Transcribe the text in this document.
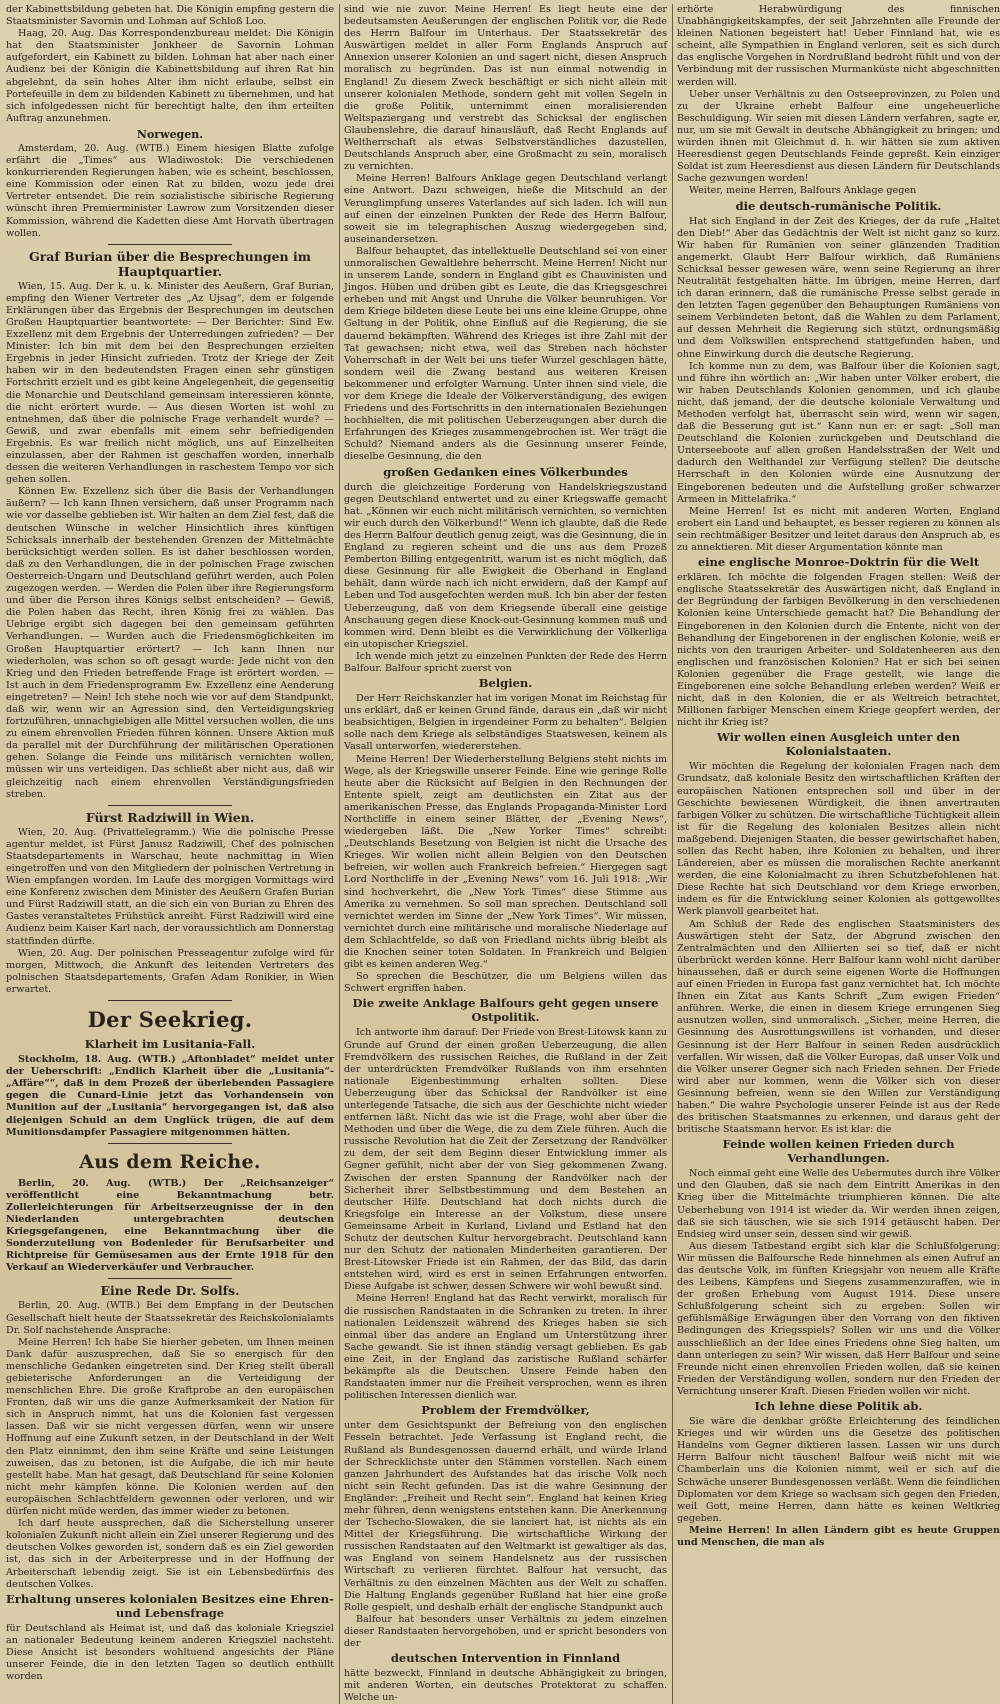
der Kabinettsbildung gebeten hat. Die Königin empfing gestern die Staatsminister Savornin und Lohman auf Schloß Loo.

Haag, 20. Aug. Das Korrespondenzbureau meldet: Die Königin hat den Staatsminister Jonkheer de Savornin Lohman aufgefordert, ein Kabinett zu bilden. Lohman hat aber nach einer Audienz bei der Königin die Kabinettsbildung auf ihren Rat hin abgelehnt, da sein hohes Alter ihm nicht erlaube, selbst ein Portefeuille in dem zu bildenden Kabinett zu übernehmen, und hat sich infolgedessen nicht für berechtigt halte, den ihm erteilten Auftrag anzunehmen.

Norwegen.

Amsterdam, 20. Aug. (WTB.) Einem hiesigen Blatte zufolge erfährt die „Times“ aus Wladiwostok: Die verschiedenen konkurrierenden Regierungen haben, wie es scheint, beschlossen, eine Kommission oder einen Rat zu bilden, wozu jede drei Vertreter entsendet. Die rein sozialistische sibirische Regierung wünscht ihren Premierminister Lawrow zum Vorsitzenden dieser Kommission, während die Kadetten diese Amt Horvath übertragen wollen.

Graf Burian über die Besprechungen im Hauptquartier.

Wien, 15. Aug. Der k. u. k. Minister des Aeußern, Graf Burian, empfing den Wiener Vertreter des „Az Ujsag“, dem er folgende Erklärungen über das Ergebnis der Besprechungen im deutschen Großen Hauptquartier beantwortete: — Der Berichter: Sind Ew. Exzellenz mit dem Ergebnis der Unterredungen zufrieden? — Der Minister: Ich bin mit dem bei den Besprechungen erzielten Ergebnis in jeder Hinsicht zufrieden. Trotz der Kriege der Zeit haben wir in den bedeutendsten Fragen einen sehr günstigen Fortschritt erzielt und es gibt keine Angelegenheit, die gegenseitig die Monarchie und Deutschland gemeinsam interessieren könnte, die nicht erörtert wurde. — Aus diesen Worten ist wohl zu entnehmen, daß über die polnische Frage verhandelt wurde? — Gewiß, und zwar ebenfalls mit einem sehr befriedigenden Ergebnis. Es war freilich nicht möglich, uns auf Einzelheiten einzulassen, aber der Rahmen ist geschaffen worden, innerhalb dessen die weiteren Verhandlungen in raschestem Tempo vor sich gehen sollen.

Können Ew. Exzellenz sich über die Basis der Verhandlungen äußern? — Ich kann Ihnen versichern, daß unser Programm nach wie vor dasselbe geblieben ist. Wir halten an dem Ziel fest, daß die deutschen Wünsche in welcher Hinsichtlich ihres künftigen Schicksals innerhalb der bestehenden Grenzen der Mittelmächte berücksichtigt werden sollen. Es ist daher beschlossen worden, daß zu den Verhandlungen, die in der polnischen Frage zwischen Oesterreich-Ungarn und Deutschland geführt werden, auch Polen zugezogen werden. — Werden die Polen über ihre Regierungsform und über die Person ihres Königs selbst entscheiden? — Gewiß, die Polen haben das Recht, ihren König frei zu wählen. Das Uebrige ergibt sich dagegen bei den gemeinsam geführten Verhandlungen. — Wurden auch die Friedensmöglichkeiten im Großen Hauptquartier erörtert? — Ich kann Ihnen nur wiederholen, was schon so oft gesagt wurde: Jede nicht von den Krieg und den Frieden betreffende Frage ist erörtert worden. — Ist auch in dem Friedensprogramm Ew. Exzellenz eine Aenderung eingetreten? — Nein! Ich stehe noch wie vor auf dem Standpunkt, daß wir, wenn wir an Agression sind, den Verteidigungskrieg fortzuführen, unnachgiebigen alle Mittel versuchen wollen, die uns zu einem ehrenvollen Frieden führen können. Unsere Aktion muß da parallel mit der Durchführung der militärischen Operationen gehen. Solange die Feinde uns militärisch vernichten wollen, müssen wir uns verteidigen. Das schließt aber nicht aus, daß wir gleichzeitig nach einem ehrenvollen Verständigungsfrieden streben.

Fürst Radziwill in Wien.

Wien, 20. Aug. (Privattelegramm.) Wie die polnische Presse agentur meldet, ist Fürst Janusz Radziwill, Chef des polnischen Staatsdepartements in Warschau, heute nachmittag in Wien eingetroffen und von den Mitgliedern der polnischen Vertretung in Wien empfangen worden. Im Laufe des morgigen Vormittags wird eine Konferenz zwischen dem Minister des Aeußern Grafen Burian und Fürst Radziwill statt, an die sich ein von Burian zu Ehren des Gastes veranstaltetes Frühstück anreiht. Fürst Radziwill wird eine Audienz beim Kaiser Karl nach, der voraussichtlich am Donnerstag stattfinden dürfte.

Wien, 20. Aug. Der polnischen Presseagentur zufolge wird für morgen, Mittwoch, die Ankunft des leitenden Vertreters des polnischen Staatsdepartements, Grafen Adam Ronikier, in Wien erwartet.

Der Seekrieg.
Klarheit im Lusitania-Fall.

Stockholm, 18. Aug. (WTB.) „Aftonbladet“ meldet unter der Ueberschrift: „Endlich Klarheit über die „Lusitania“-„Affäre““, daß in dem Prozeß der überlebenden Passagiere gegen die Cunard-Linie jetzt das Vorhandensein von Munition auf der „Lusitania“ hervorgegangen ist, daß also diejenigen Schuld an dem Unglück trügen, die auf dem Munitionsdampfer Passagiere mitgenommen hätten.

Aus dem Reiche.

Berlin, 20. Aug. (WTB.) Der „Reichsanzeiger“ veröffentlicht eine Bekanntmachung betr. Zollerleichterungen für Arbeitserzeugnisse der in den Niederlanden untergebrachten deutschen Kriegsgefangenen, eine Bekanntmachung über die Sonderzuteilung von Bodenleder für Berufsarbeiter und Richtpreise für Gemüsesamen aus der Ernte 1918 für den Verkauf an Wiederverkäufer und Verbraucher.

Eine Rede Dr. Solfs.

Berlin, 20. Aug. (WTB.) Bei dem Empfang in der Deutschen Gesellschaft hielt heute der Staatssekretär des Reichskolonialamts Dr. Solf nachstehende Ansprache:

Meine Herren! Ich habe Sie hierher gebeten, um Ihnen meinen Dank dafür auszusprechen, daß Sie so energisch für den menschliche Gedanken eingetreten sind. Der Krieg stellt überall gebieterische Anforderungen an die Verteidigung der menschlichen Ehre. Die große Kraftprobe an den europäischen Fronten, daß wir uns die ganze Aufmerksamkeit der Nation für sich in Anspruch nimmt, hat uns die Kolonien fast vergessen lassen. Daß wir sie nicht vergessen dürfen, wenn wir unsere Hoffnung auf eine Zukunft setzen, in der Deutschland in der Welt den Platz einnimmt, den ihm seine Kräfte und seine Leistungen zuweisen, das zu betonen, ist die Aufgabe, die ich mir heute gestellt habe. Man hat gesagt, daß Deutschland für seine Kolonien nicht mehr kämpfen könne. Die Kolonien werden auf den europäischen Schlachtfeldern gewonnen oder verloren, und wir dürfen nicht müde werden, das immer wieder zu betonen.

Ich darf heute aussprechen, daß die Sicherstellung unserer kolonialen Zukunft nicht allein ein Ziel unserer Regierung und des deutschen Volkes geworden ist, sondern daß es ein Ziel geworden ist, das sich in der Arbeiterpresse und in der Hoffnung der Arbeiterschaft lebendig zeigt. Sie ist ein Lebensbedürfnis des deutschen Volkes.

Erhaltung unseres kolonialen Besitzes eine Ehren- und Lebensfrage

für Deutschland als Heimat ist, und daß das koloniale Kriegsziel an nationaler Bedeutung keinem anderen Kriegsziel nachsteht. Diese Ansicht ist besonders wohltuend angesichts der Pläne unserer Feinde, die in den letzten Tagen so deutlich enthüllt worden

sind wie nie zuvor. Meine Herren! Es liegt heute eine der bedeutsamsten Aeußerungen der englischen Politik vor, die Rede des Herrn Balfour im Unterhaus. Der Staatssekretär des Auswärtigen meldet in aller Form Englands Anspruch auf Annexion unserer Kolonien an und sagert nicht, diesen Anspruch moralisch zu begründen. Das ist nun einmal notwendig in England! Zu diesem Zweck beschäftigt er sich nicht allein mit unserer kolonialen Methode, sondern geht mit vollen Segeln in die große Politik, unternimmt einen moralisierenden Weltspaziergang und verstrebt das Schicksal der englischen Glaubenslehre, die darauf hinausläuft, daß Recht Englands auf Weltherrschaft als etwas Selbstverständliches dazustellen, Deutschlands Anspruch aber, eine Großmacht zu sein, moralisch zu vernichten.

Meine Herren! Balfours Anklage gegen Deutschland verlangt eine Antwort. Dazu schweigen, hieße die Mitschuld an der Verunglimpfung unseres Vaterlandes auf sich laden. Ich will nun auf einen der einzelnen Punkten der Rede des Herrn Balfour, soweit sie im telegraphischen Auszug wiedergegeben sind, auseinandersetzen.

Balfour behauptet, das intellektuelle Deutschland sei von einer unmoralischen Gewaltlehre beherrscht. Meine Herren! Nicht nur in unserem Lande, sondern in England gibt es Chauvinisten und Jingos. Hüben und drüben gibt es Leute, die das Kriegsgeschrei erheben und mit Angst und Unruhe die Völker beunruhigen. Vor dem Kriege bildeten diese Leute bei uns eine kleine Gruppe, ohne Geltung in der Politik, ohne Einfluß auf die Regierung, die sie dauernd bekämpften. Während des Krieges ist ihre Zahl mit der Tat gewachsen; nicht etwa, weil das Streben nach höchster Voherrschaft in der Welt bei uns tiefer Wurzel geschlagen hätte, sondern weil die Zwang bestand aus weiteren Kreisen bekommener und erfolgter Warnung. Unter ihnen sind viele, die vor dem Kriege die Ideale der Völkerverständigung, des ewigen Friedens und des Fortschritts in den internationalen Beziehungen hochhielten, die mit politischen Ueberzeugungen aber durch die Erfahrungen des Krieges zusammengebrochen ist. Wer trägt die Schuld? Niemand anders als die Gesinnung unserer Feinde, dieselbe Gesinnung, die den

großen Gedanken eines Völkerbundes

durch die gleichzeitige Forderung von Handelskriegszustand gegen Deutschland entwertet und zu einer Kriegswaffe gemacht hat. „Können wir euch nicht militärisch vernichten, so vernichten wir euch durch den Völkerbund!“ Wenn ich glaubte, daß die Rede des Herrn Balfour deutlich genug zeigt, was die Gesinnung, die in England zu regieren scheint und die uns aus dem Prozeß Pemberton Billing entgegentritt, warum ist es nicht möglich, daß diese Gesinnung für alle Ewigkeit die Oberhand in England behält, dann würde nach ich nicht erwidern, daß der Kampf auf Leben und Tod ausgefochten werden muß. Ich bin aber der festen Ueberzeugung, daß von dem Kriegsende überall eine geistige Anschauung gegen diese Knock-out-Gesinnung kommen muß und kommen wird. Denn bleibt es die Verwirklichung der Völkerliga ein utopischer Kriegsziel.

Ich wende mich jetzt zu einzelnen Punkten der Rede des Herrn Balfour. Balfour spricht zuerst von

Belgien.

Der Herr Reichskanzler hat im vorigen Monat im Reichstag für uns erklärt, daß er keinen Grund fände, daraus ein „daß wir nicht beabsichtigen, Belgien in irgendeiner Form zu behalten“. Belgien solle nach dem Kriege als selbständiges Staatswesen, keinem als Vasall unterworfen, wiedererstehen.

Meine Herren! Der Wiederherstellung Belgiens steht nichts im Wege, als der Kriegswille unserer Feinde. Eine wie geringe Rolle heute aber die Rücksicht auf Belgien in den Rechnungen der Entente spielt, zeigt am deutlichsten ein Zitat aus der amerikanischen Presse, das Englands Propaganda-Minister Lord Northcliffe in einem seiner Blätter, der „Evening News“, wiedergeben läßt. Die „New Yorker Times“ schreibt: „Deutschlands Besetzung von Belgien ist nicht die Ursache des Krieges. Wir wollen nicht allein Belgien von den Deutschen befreien, wir wollen auch Frankreich befreien.“ Hiergegen sagt Lord Northcliffe in der „Evening News“ vom 16. Juli 1918: „Wir sind hochverkehrt, die „New York Times“ diese Stimme aus Amerika zu vernehmen. So soll man sprechen. Deutschland soll vernichtet werden im Sinne der „New York Times“. Wir müssen, vernichtet durch eine militärische und moralische Niederlage auf dem Schlachtfelde, so daß von Friedland nichts übrig bleibt als die Knochen seiner toten Soldaten. In Frankreich und Belgien gibt es keinen anderen Weg.“

So sprechen die Beschützer, die um Belgiens willen das Schwert ergriffen haben.

Die zweite Anklage Balfours geht gegen unsere Ostpolitik.

Ich antworte ihm darauf: Der Friede von Brest-Litowsk kann zu Grunde auf Grund der einen großen Ueberzeugung, die allen Fremdvölkern des russischen Reiches, die Rußland in der Zeit der unterdrückten Fremdvölker Rußlands von ihm ersehnten nationale Eigenbestimmung erhalten sollten. Diese Ueberzeugung über das Schicksal der Randvölker ist eine unterlegende Tatsache, die sich aus der Geschichte nicht wieder entfernen läßt. Nicht das wie ist die Frage, wohl aber über die Methoden und über die Wege, die zu dem Ziele führen. Auch die russische Revolution hat die Zeit der Zersetzung der Randvölker zu dem, der seit dem Beginn dieser Entwicklung immer als Gegner gefühlt, nicht aber der von Sieg gekommenen Zwang. Zwischen der ersten Spannung der Randvölker nach der Sicherheit ihrer Selbstbestimmung und dem Bestehen an deutscher Hilfe. Deutschland hat doch nichts durch die Kriegsfolge ein Interesse an der Volkstum, diese unsere Gemeinsame Arbeit in Kurland, Livland und Estland hat den Schutz der deutschen Kultur hervorgebracht. Deutschland kann nur den Schutz der nationalen Minderheiten garantieren. Der Brest-Litowsker Friede ist ein Rahmen, der das Bild, das darin entstehen wird, wird es erst in seinen Erfahrungen entworfen. Diese Aufgabe ist schwer, dessen Schwere wir wohl bewußt sind.

Meine Herren! England hat das Recht verwirkt, moralisch für die russischen Randstaaten in die Schranken zu treten. In ihrer nationalen Leidenszeit während des Krieges haben sie sich einmal über das andere an England um Unterstützung ihrer Sache gewandt. Sie ist ihnen ständig versagt geblieben. Es gab eine Zeit, in der England das zaristische Rußland schärfer bekämpfte als die Deutschen. Unsere Feinde haben den Randstaaten immer nur die Freiheit versprochen, wenn es ihren politischen Interessen dienlich war.

Problem der Fremdvölker,

unter dem Gesichtspunkt der Befreiung von den englischen Fesseln betrachtet. Jede Verfassung ist England recht, die Rußland als Bundesgenossen dauernd erhält, und würde Irland der Schrecklichste unter den Stämmen vorstellen. Nach einem ganzen Jahrhundert des Aufstandes hat das irische Volk noch nicht sein Recht gefunden. Das ist die wahre Gesinnung der Engländer: „Freiheit und Recht sein“. England hat keinen Krieg mehr führen, denn wenigstens entstehen kann. Die Anerkennung der Tschecho-Slowaken, die sie lanciert hat, ist nichts als ein Mittel der Kriegsführung. Die wirtschaftliche Wirkung der russischen Randstaaten auf den Weltmarkt ist gewaltiger als das, was England von seinem Handelsnetz aus der russischen Wirtschaft zu verlieren fürchtet. Balfour hat versucht, das Verhältnis zu den einzelnen Mächten aus der Welt zu schaffen. Die Haltung Englands gegenüber Rußland hat hier eine große Rolle gespielt, und deshalb erhält der englische Standpunkt auch

Balfour hat besonders unser Verhältnis zu jedem einzelnen dieser Randstaaten hervorgehoben, und er spricht besonders von der

deutschen Intervention in Finnland

hätte bezweckt, Finnland in deutsche Abhängigkeit zu bringen, mit anderen Worten, ein deutsches Protektorat zu schaffen. Welche un-

erhörte Herabwürdigung des finnischen Unabhängigkeitskampfes, der seit Jahrzehnten alle Freunde der kleinen Nationen begeistert hat! Ueber Finnland hat, wie es scheint, alle Sympathien in England verloren, seit es sich durch das englische Vorgehen in Nordrußland bedroht fühlt und von der Verbindung mit der russischen Murmanküste nicht abgeschnitten werden will.

Ueber unser Verhältnis zu den Ostseeprovinzen, zu Polen und zu der Ukraine erhebt Balfour eine ungeheuerliche Beschuldigung. Wir seien mit diesen Ländern verfahren, sagte er, nur, um sie mit Gewalt in deutsche Abhängigkeit zu bringen; und würden ihnen mit Gleichmut d. h. wir hätten sie zum aktiven Heeresdienst gegen Deutschlands Feinde gepreßt. Kein einziger Soldat ist zum Heeresdienst aus diesen Ländern für Deutschlands Sache gezwungen worden!

Weiter, meine Herren, Balfours Anklage gegen

die deutsch-rumänische Politik.

Hat sich England in der Zeit des Krieges, der da rufe „Haltet den Dieb!“ Aber das Gedächtnis der Welt ist nicht ganz so kurz. Wir haben für Rumänien von seiner glänzenden Tradition angemerkt. Glaubt Herr Balfour wirklich, daß Rumäniens Schicksal besser gewesen wäre, wenn seine Regierung an ihrer Neutralität festgehalten hätte. Im übrigen, meine Herren, darf ich daran erinnern, daß die rumänische Presse selbst gerade in den letzten Tagen gegenüber den Behauptungen Rumäniens von seinem Verbündeten betont, daß die Wahlen zu dem Parlament, auf dessen Mehrheit die Regierung sich stützt, ordnungsmäßig und dem Volkswillen entsprechend stattgefunden haben, und ohne Einwirkung durch die deutsche Regierung.

Ich komme nun zu dem, was Balfour über die Kolonien sagt, und führe ihn wörtlich an: „Wir haben unter Völker erobert, die wir haben Deutschlands Kolonien genommen, und ich glaube nicht, daß jemand, der die deutsche koloniale Verwaltung und Methoden verfolgt hat, überrascht sein wird, wenn wir sagen, daß die Besserung gut ist.“ Kann nun er: er sagt: „Soll man Deutschland die Kolonien zurückgeben und Deutschland die Unterseeboote auf allen großen Handelsstraßen der Welt und dadurch den Welthandel zur Verfügung stellen? Die deutsche Herrschaft in den Kolonien würde eine Ausnutzung der Eingeborenen bedeuten und die Aufstellung großer schwarzer Armeen in Mittelafrika.“

Meine Herren! Ist es nicht mit anderen Worten, England erobert ein Land und behauptet, es besser regieren zu können als sein rechtmäßiger Besitzer und leitet daraus den Anspruch ab, es zu annektieren. Mit dieser Argumentation könnte man

eine englische Monroe-Doktrin für die Welt

erklären. Ich möchte die folgenden Fragen stellen: Weiß der englische Staatssekretär des Auswärtigen nicht, daß England in der Begründung der farbigen Bevölkerung in den verschiedenen Kolonien keine Unterschiede gemacht hat? Die Behandlung der Eingeborenen in den Kolonien durch die Entente, nicht von der Behandlung der Eingeborenen in der englischen Kolonie, weiß er nichts von den traurigen Arbeiter- und Soldatenheeren aus den englischen und französischen Kolonien? Hat er sich bei seinen Kolonien gegenüber die Frage gestellt, wie lange die Eingeborenen eine solche Behandlung erleben werden? Weiß er nicht, daß in den Kolonien, die er als Weltreich betrachtet, Millionen farbiger Menschen einem Kriege geopfert werden, der nicht ihr Krieg ist?

Wir wollen einen Ausgleich unter den Kolonialstaaten.

Wir möchten die Regelung der kolonialen Fragen nach dem Grundsatz, daß koloniale Besitz den wirtschaftlichen Kräften der europäischen Nationen entsprechen soll und über in der Geschichte bewiesenen Würdigkeit, die ihnen anvertrauten farbigen Völker zu schützen. Die wirtschaftliche Tüchtigkeit allein ist für die Regelung des kolonialen Besitzes allein nicht maßgebend. Diejenigen Staaten, die besser gewirtschaftet haben, sollen das Recht haben, ihre Kolonien zu behalten, und ihrer Ländereien, aber es müssen die moralischen Rechte anerkannt werden, die eine Kolonialmacht zu ihren Schutzbefohlenen hat. Diese Rechte hat sich Deutschland vor dem Kriege erworben, indem es für die Entwicklung seiner Kolonien als gottgewolltes Werk planvoll gearbeitet hat.

Am Schluß der Rede des englischen Staatsministers des Auswärtigen steht der Satz, der Abgrund zwischen den Zentralmächten und den Alliierten sei so tief, daß er nicht überbrückt werden könne. Herr Balfour kann wohl nicht darüber hinaussehen, daß er durch seine eigenen Worte die Hoffnungen auf einen Frieden in Europa fast ganz vernichtet hat. Ich möchte Ihnen ein Zitat aus Kants Schrift „Zum ewigen Frieden“ anführen. Werke, die einen in diesem Kriege errungenen Sieg ausnutzen wollen, sind unmoralisch. „Sicher, meine Herren, die Gesinnung des Ausrottungswillens ist vorhanden, und dieser Gesinnung ist der Herr Balfour in seinen Reden ausdrücklich verfallen. Wir wissen, daß die Völker Europas, daß unser Volk und die Völker unserer Gegner sich nach Frieden sehnen. Der Friede wird aber nur kommen, wenn die Völker sich von dieser Gesinnung befreien, wenn sie den Willen zur Verständigung haben.“ Die wahre Psychologie unserer Feinde ist aus der Rede des britischen Staatsmannes zu erkennen, und daraus geht der britische Staatsmann hervor. Es ist klar: die

Feinde wollen keinen Frieden durch Verhandlungen.

Noch einmal geht eine Welle des Uebermutes durch ihre Völker und den Glauben, daß sie nach dem Eintritt Amerikas in den Krieg über die Mittelmächte triumphieren können. Die alte Ueberhebung von 1914 ist wieder da. Wir werden ihnen zeigen, daß sie sich täuschen, wie sie sich 1914 getäuscht haben. Der Endsieg wird unser sein, dessen sind wir gewiß.

Aus diesem Tatbestand ergibt sich klar die Schlußfolgerung: Wir müssen die Balfoursche Rede hinnehmen als einen Aufruf an das deutsche Volk, im fünften Kriegsjahr von neuem alle Kräfte des Leibens, Kämpfens und Siegens zusammenzuraffen, wie in der großen Erhebung vom August 1914. Diese unsere Schlußfolgerung scheint sich zu ergeben: Sollen wir gefühlsmäßige Erwägungen über den Vorrang von den fiktiven Bedingungen des Kriegsspiels? Sollen wir uns und die Völker ausschließlich an der Idee eines Friedens ohne Sieg halten, um dann unterlegen zu sein? Wir wissen, daß Herr Balfour und seine Freunde nicht einen ehrenvollen Frieden wollen, daß sie keinen Frieden der Verständigung wollen, sondern nur den Frieden der Vernichtung unserer Kraft. Diesen Frieden wollen wir nicht.

Ich lehne diese Politik ab.

Sie wäre die denkbar größte Erleichterung des feindlichen Krieges und wir würden uns die Gesetze des politischen Handelns vom Gegner diktieren lassen. Lassen wir uns durch Herrn Balfour nicht täuschen! Balfour weiß nicht mit wie Chamberlain uns die Kolonien nimmt, weil er sich auf die Schwäche unserer Bundesgenossen verläßt. Wenn die feindlichen Diplomaten vor dem Kriege so wachsam sich gegen den Frieden, weil Gott, meine Herren, dann hätte es keinen Weltkrieg gegeben.

Meine Herren! In allen Ländern gibt es heute Gruppen und Menschen, die man als
